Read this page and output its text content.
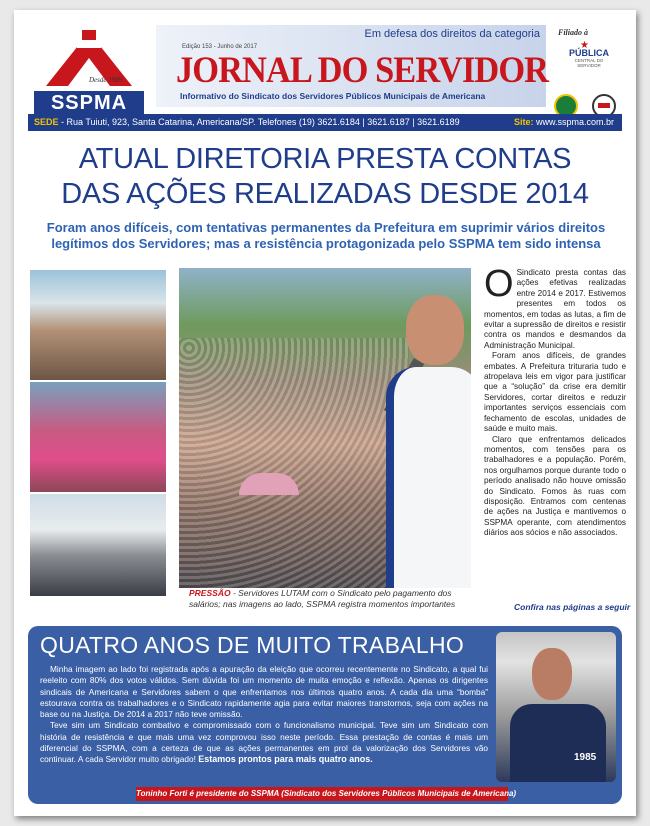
Desde 1989
SSPMA
Em defesa dos direitos da categoria
Edição 153 - Junho de 2017
JORNAL DO SERVIDOR
Informativo do Sindicato dos Servidores Públicos Municipais de Americana
Filiado à
★
PÚBLICA
CENTRAL DO SERVIDOR
SEDE - Rua Tuiuti, 923, Santa Catarina, Americana/SP. Telefones (19) 3621.6184 | 3621.6187 | 3621.6189	Site: www.sspma.com.br
ATUAL DIRETORIA PRESTA CONTAS
DAS AÇÕES REALIZADAS DESDE 2014
Foram anos difíceis, com tentativas permanentes da Prefeitura em suprimir vários direitos legítimos dos Servidores; mas a resistência protagonizada pelo SSPMA tem sido intensa
PRESSÃO - Servidores LUTAM com o Sindicato pelo pagamento dos salários; nas imagens ao lado, SSPMA registra momentos importantes

O Sindicato presta contas das ações efetivas realizadas entre 2014 e 2017. Estivemos presentes em todos os momentos, em todas as lutas, a fim de evitar a supressão de direitos e resistir contra os mandos e desmandos da Administração Municipal.

Foram anos difíceis, de grandes embates. A Prefeitura trituraria tudo e atropelava leis em vigor para justificar que a “solução” da crise era demitir Servidores, cortar direitos e reduzir importantes serviços essenciais com fechamento de escolas, unidades de saúde e muito mais.

Claro que enfrentamos delicados momentos, com tensões para os trabalhadores e a população. Porém, nos orgulhamos porque durante todo o período analisado não houve omissão do Sindicato. Fomos às ruas com disposição. Entramos com centenas de ações na Justiça e mantivemos o SSPMA operante, com atendimentos diários aos sócios e não associados.

Confira nas páginas a seguir
QUATRO ANOS DE MUITO TRABALHO

Minha imagem ao lado foi registrada após a apuração da eleição que ocorreu recentemente no Sindicato, a qual fui reeleito com 80% dos votos válidos. Sem dúvida foi um momento de muita emoção e reflexão. Apenas os dirigentes sindicais de Americana e Servidores sabem o que enfrentamos nos últimos quatro anos. A cada dia uma “bomba” estourava contra os trabalhadores e o Sindicato rapidamente agia para evitar maiores transtornos, seja com ações na base ou na Justiça. De 2014 a 2017 não teve omissão.

Teve sim um Sindicato combativo e compromissado com o funcionalismo municipal. Teve sim um Sindicato com história de resistência e que mais uma vez comprovou isso neste período. Essa prestação de contas é mais um diferencial do SSPMA, com a certeza de que as ações permanentes em prol da valorização dos Servidores vão continuar. A cada Servidor muito obrigado! Estamos prontos para mais quatro anos.	1985
Toninho Forti é presidente do SSPMA (Sindicato dos Servidores Públicos Municipais de Americana)
